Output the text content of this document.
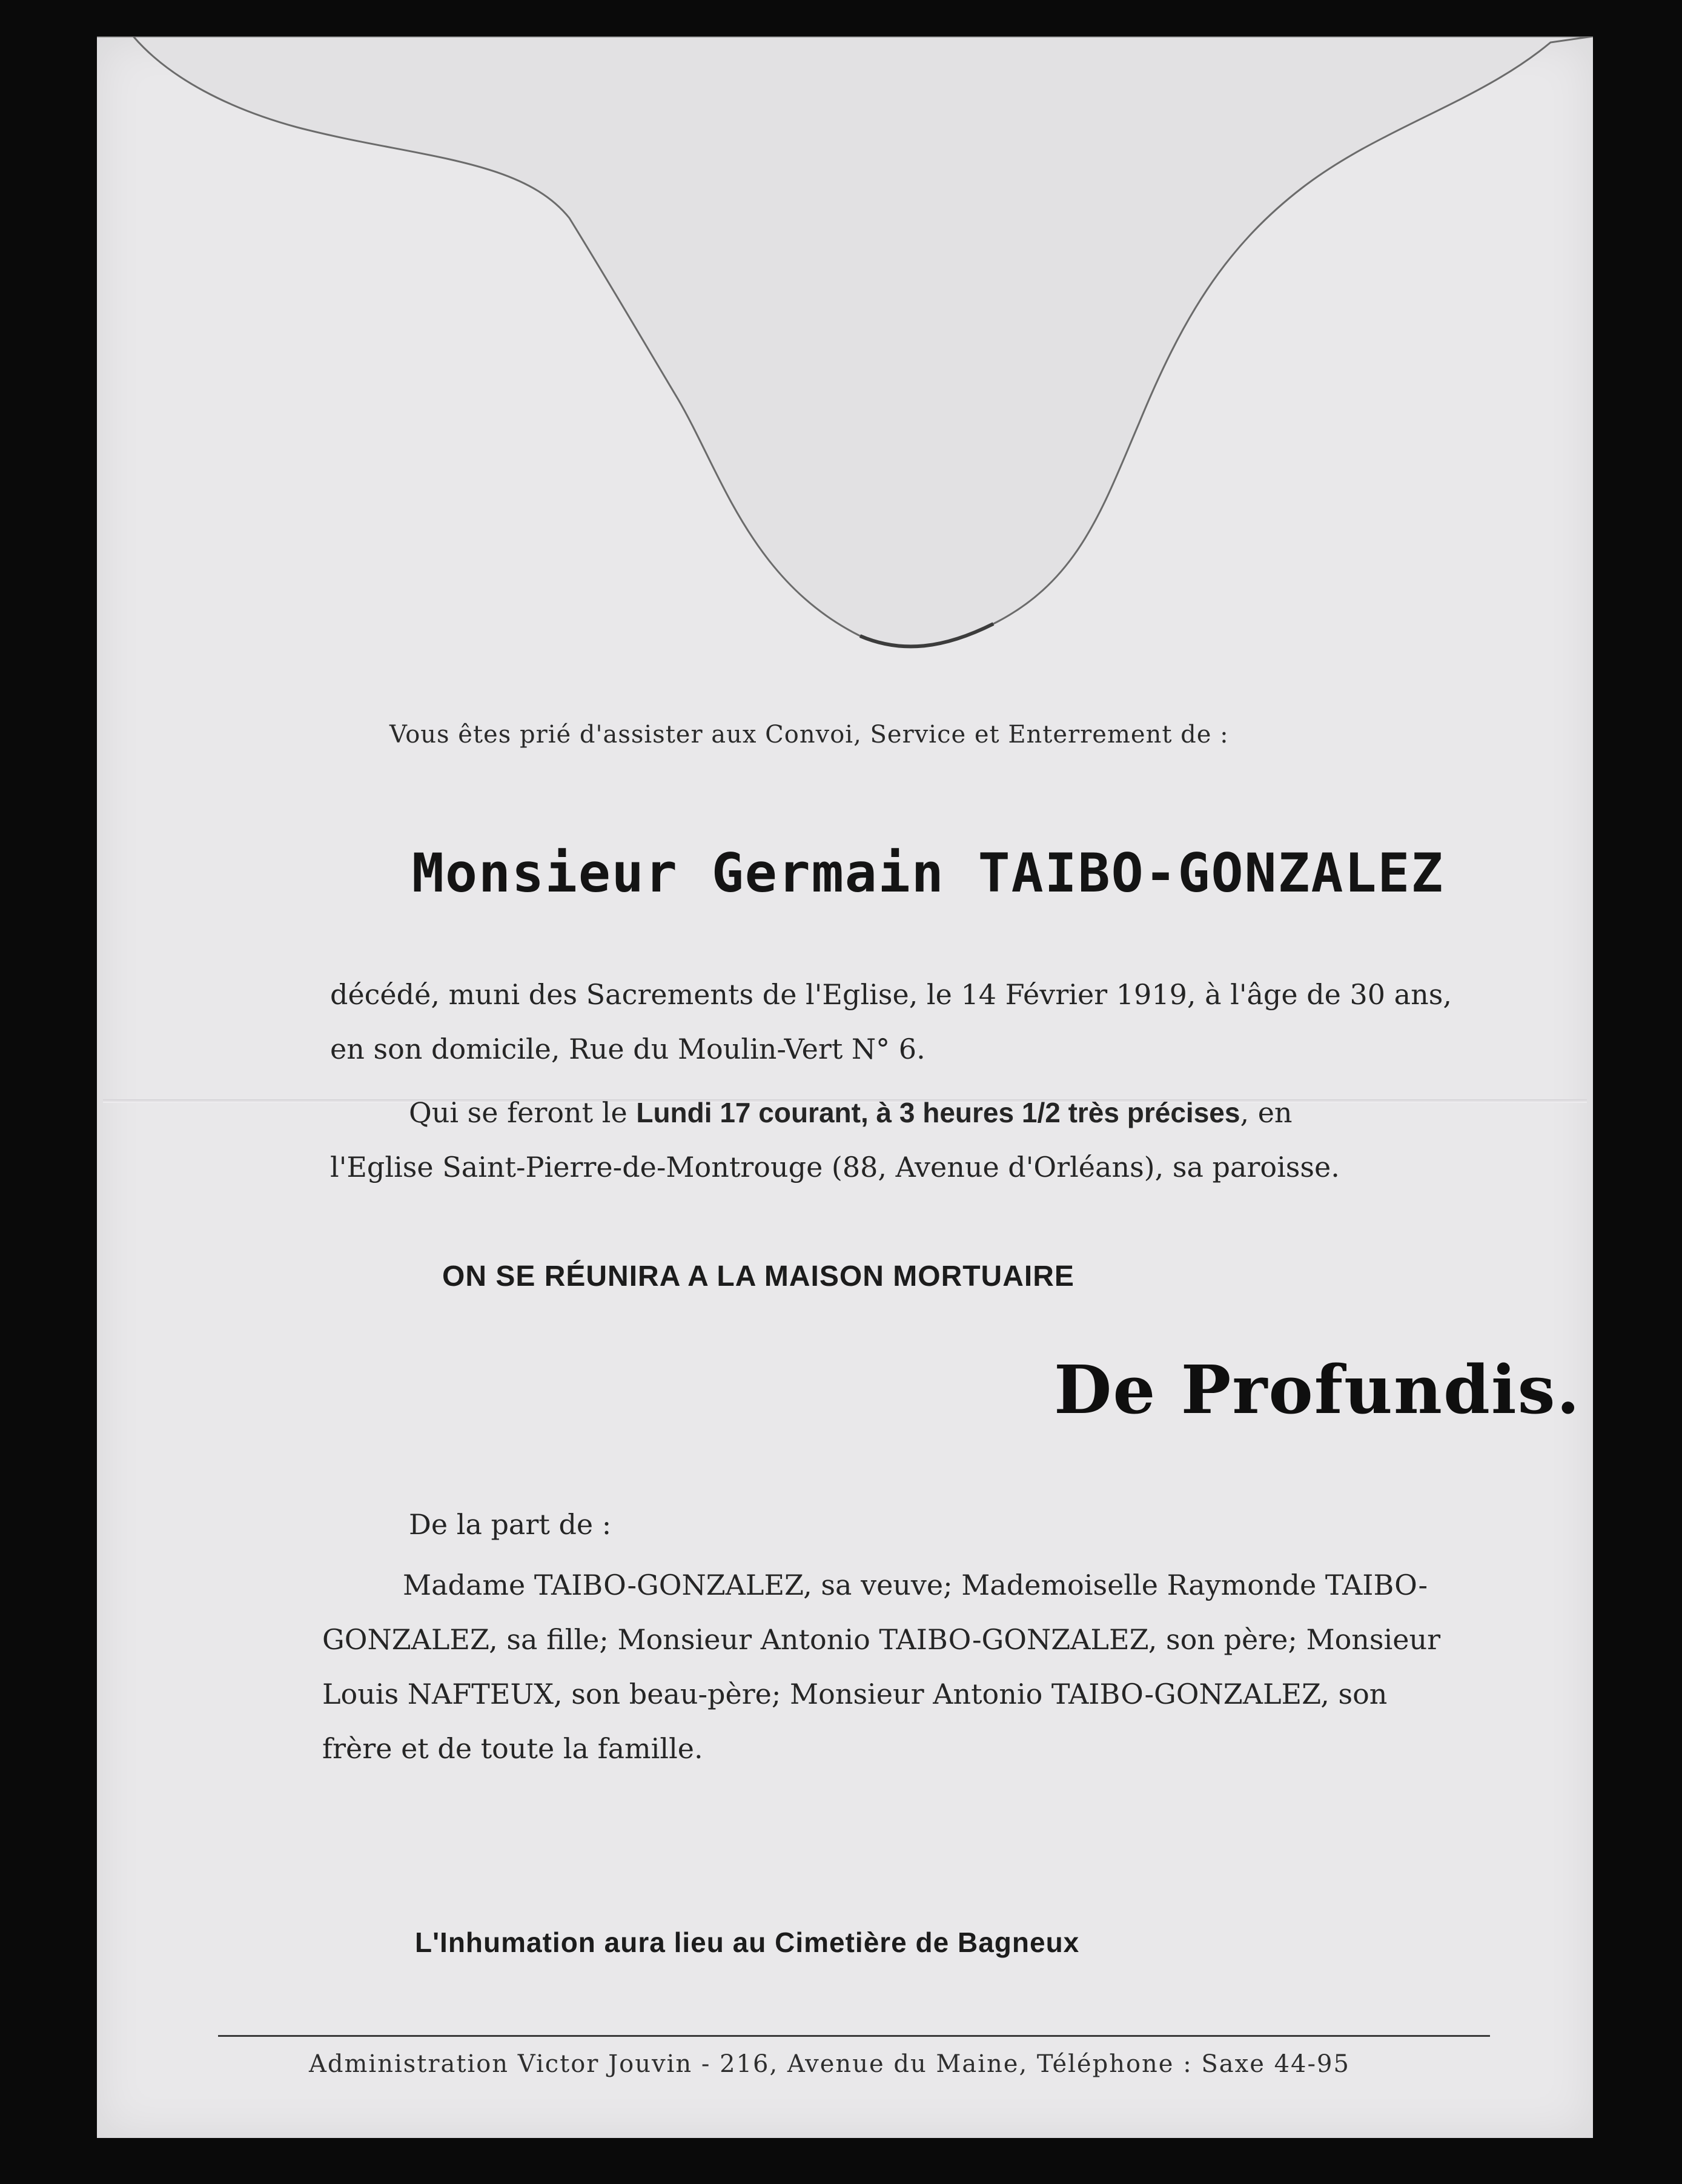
Vous êtes prié d'assister aux Convoi, Service et Enterrement de :
Monsieur Germain TAIBO-GONZALEZ
décédé, muni des Sacrements de l'Eglise, le 14 Février 1919, à l'âge de 30 ans,
en son domicile, Rue du Moulin-Vert N° 6.
Qui se feront le Lundi 17 courant, à 3 heures 1/2 très précises, en
l'Eglise Saint-Pierre-de-Montrouge (88, Avenue d'Orléans), sa paroisse.
ON SE RÉUNIRA A LA MAISON MORTUAIRE
De Profundis.
De la part de :
Madame TAIBO-GONZALEZ, sa veuve; Mademoiselle Raymonde TAIBO-
GONZALEZ, sa fille; Monsieur Antonio TAIBO-GONZALEZ, son père; Monsieur
Louis NAFTEUX, son beau-père; Monsieur Antonio TAIBO-GONZALEZ, son
frère et de toute la famille.
L'Inhumation aura lieu au Cimetière de Bagneux
Administration Victor Jouvin - 216, Avenue du Maine, Téléphone : Saxe 44-95
